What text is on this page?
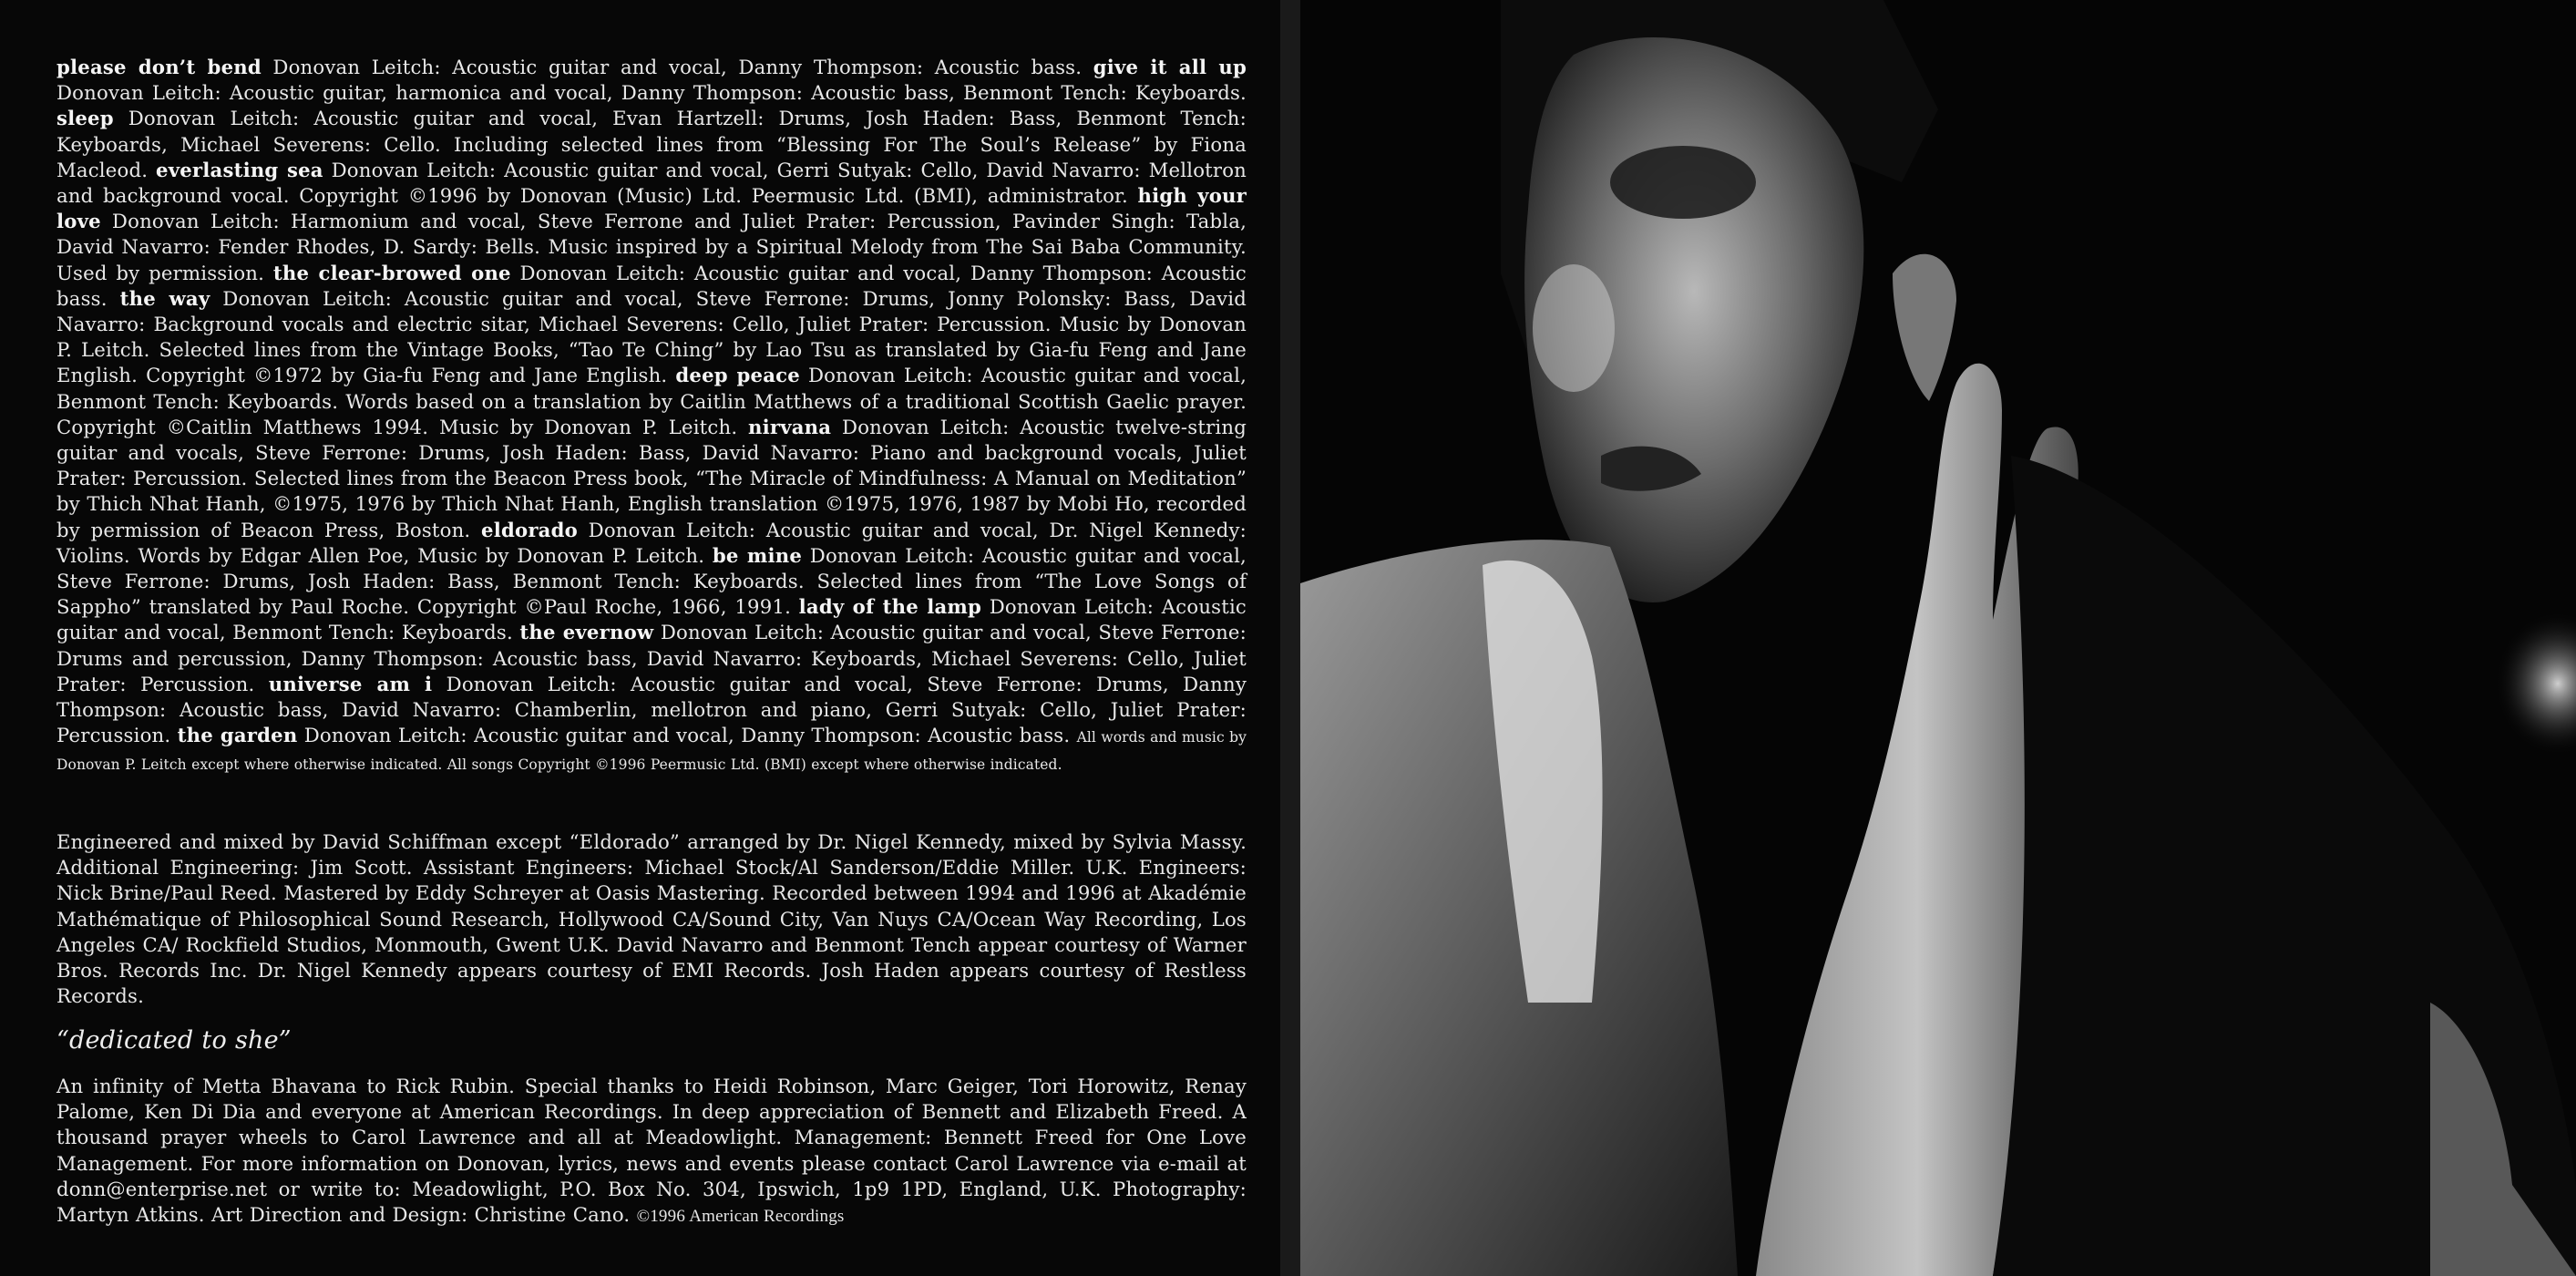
please don’t bend Donovan Leitch: Acoustic guitar and vocal, Danny Thompson: Acoustic bass. give it all up Donovan Leitch: Acoustic guitar, harmonica and vocal, Danny Thompson: Acoustic bass, Benmont Tench: Keyboards. sleep Donovan Leitch: Acoustic guitar and vocal, Evan Hartzell: Drums, Josh Haden: Bass, Benmont Tench: Keyboards, Michael Severens: Cello. Including selected lines from “Blessing For The Soul’s Release” by Fiona Macleod. everlasting sea Donovan Leitch: Acoustic guitar and vocal, Gerri Sutyak: Cello, David Navarro: Mellotron and background vocal. Copyright ©1996 by Donovan (Music) Ltd. Peermusic Ltd. (BMI), administrator. high your love Donovan Leitch: Harmonium and vocal, Steve Ferrone and Juliet Prater: Percussion, Pavinder Singh: Tabla, David Navarro: Fender Rhodes, D. Sardy: Bells. Music inspired by a Spiritual Melody from The Sai Baba Community. Used by permission. the clear-browed one Donovan Leitch: Acoustic guitar and vocal, Danny Thompson: Acoustic bass. the way Donovan Leitch: Acoustic guitar and vocal, Steve Ferrone: Drums, Jonny Polonsky: Bass, David Navarro: Background vocals and electric sitar, Michael Severens: Cello, Juliet Prater: Percussion. Music by Donovan P. Leitch. Selected lines from the Vintage Books, “Tao Te Ching” by Lao Tsu as translated by Gia-fu Feng and Jane English. Copyright ©1972 by Gia-fu Feng and Jane English. deep peace Donovan Leitch: Acoustic guitar and vocal, Benmont Tench: Keyboards. Words based on a translation by Caitlin Matthews of a traditional Scottish Gaelic prayer. Copyright ©Caitlin Matthews 1994. Music by Donovan P. Leitch. nirvana Donovan Leitch: Acoustic twelve-string guitar and vocals, Steve Ferrone: Drums, Josh Haden: Bass, David Navarro: Piano and background vocals, Juliet Prater: Percussion. Selected lines from the Beacon Press book, “The Miracle of Mindfulness: A Manual on Meditation” by Thich Nhat Hanh, ©1975, 1976 by Thich Nhat Hanh, English translation ©1975, 1976, 1987 by Mobi Ho, recorded by permission of Beacon Press, Boston. eldorado Donovan Leitch: Acoustic guitar and vocal, Dr. Nigel Kennedy: Violins. Words by Edgar Allen Poe, Music by Donovan P. Leitch. be mine Donovan Leitch: Acoustic guitar and vocal, Steve Ferrone: Drums, Josh Haden: Bass, Benmont Tench: Keyboards. Selected lines from “The Love Songs of Sappho” translated by Paul Roche. Copyright ©Paul Roche, 1966, 1991. lady of the lamp Donovan Leitch: Acoustic guitar and vocal, Benmont Tench: Keyboards. the evernow Donovan Leitch: Acoustic guitar and vocal, Steve Ferrone: Drums and percussion, Danny Thompson: Acoustic bass, David Navarro: Keyboards, Michael Severens: Cello, Juliet Prater: Percussion. universe am i Donovan Leitch: Acoustic guitar and vocal, Steve Ferrone: Drums, Danny Thompson: Acoustic bass, David Navarro: Chamberlin, mellotron and piano, Gerri Sutyak: Cello, Juliet Prater: Percussion. the garden Donovan Leitch: Acoustic guitar and vocal, Danny Thompson: Acoustic bass. All words and music by Donovan P. Leitch except where otherwise indicated. All songs Copyright ©1996 Peermusic Ltd. (BMI) except where otherwise indicated.
Engineered and mixed by David Schiffman except “Eldorado” arranged by Dr. Nigel Kennedy, mixed by Sylvia Massy. Additional Engineering: Jim Scott. Assistant Engineers: Michael Stock/Al Sanderson/Eddie Miller. U.K. Engineers: Nick Brine/Paul Reed. Mastered by Eddy Schreyer at Oasis Mastering. Recorded between 1994 and 1996 at Akadémie Mathématique of Philosophical Sound Research, Hollywood CA/Sound City, Van Nuys CA/Ocean Way Recording, Los Angeles CA/ Rockfield Studios, Monmouth, Gwent U.K. David Navarro and Benmont Tench appear courtesy of Warner Bros. Records Inc. Dr. Nigel Kennedy appears courtesy of EMI Records. Josh Haden appears courtesy of Restless Records.
“dedicated to she”
An infinity of Metta Bhavana to Rick Rubin. Special thanks to Heidi Robinson, Marc Geiger, Tori Horowitz, Renay Palome, Ken Di Dia and everyone at American Recordings. In deep appreciation of Bennett and Elizabeth Freed. A thousand prayer wheels to Carol Lawrence and all at Meadowlight. Management: Bennett Freed for One Love Management. For more information on Donovan, lyrics, news and events please contact Carol Lawrence via e-mail at donn@enterprise.net or write to: Meadowlight, P.O. Box No. 304, Ipswich, 1p9 1PD, England, U.K. Photography: Martyn Atkins. Art Direction and Design: Christine Cano. ©1996 American Recordings
